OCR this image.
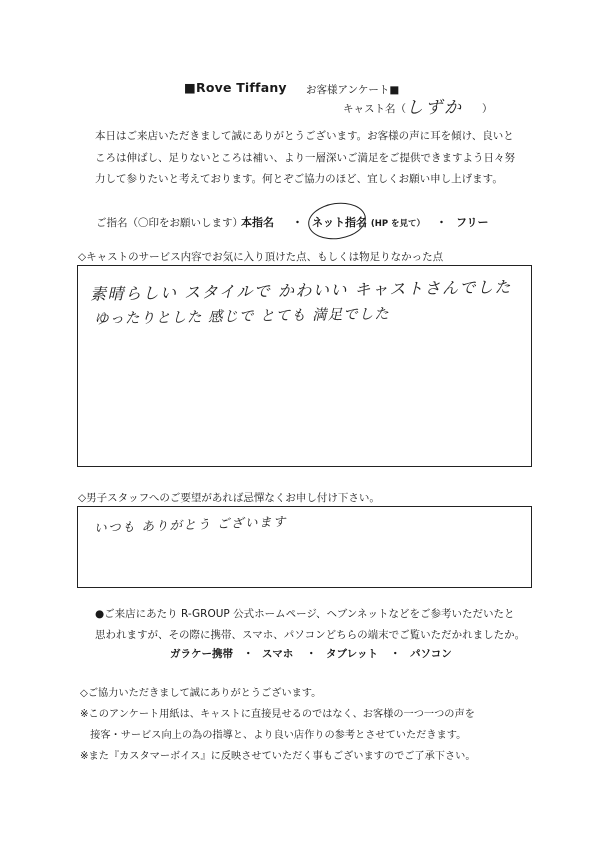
■Rove Tiffany お客様アンケート■
キャスト名（ しずか ）

本日はご来店いただきまして誠にありがとうございます。お客様の声に耳を傾け、良いと

ころは伸ばし、足りないところは補い、より一層深いご満足をご提供できますよう日々努

力して参りたいと考えております。何とぞご協力のほど、宜しくお願い申し上げます。

ご指名（〇印をお願いします）
本指名 ・ ネット指名 (HP を見て） ・ フリー
◇キャストのサービス内容でお気に入り頂けた点、もしくは物足りなかった点
素晴らしい スタイルで かわいい キャストさんでした
ゆったりとした 感じで とても 満足でした
◇男子スタッフへのご要望があれば忌憚なくお申し付け下さい。
いつも ありがとう ございます

●ご来店にあたり R-GROUP 公式ホームページ、ヘブンネットなどをご参考いただいたと

思われますが、その際に携帯、スマホ、パソコンどちらの端末でご覧いただかれましたか。

ガラケー携帯 ・ スマホ ・ タブレット ・ パソコン

◇ご協力いただきまして誠にありがとうございます。

※このアンケート用紙は、キャストに直接見せるのではなく、お客様の一つ一つの声を

　接客・サービス向上の為の指導と、より良い店作りの参考とさせていただきます。

※また『カスタマーボイス』に反映させていただく事もございますのでご了承下さい。
